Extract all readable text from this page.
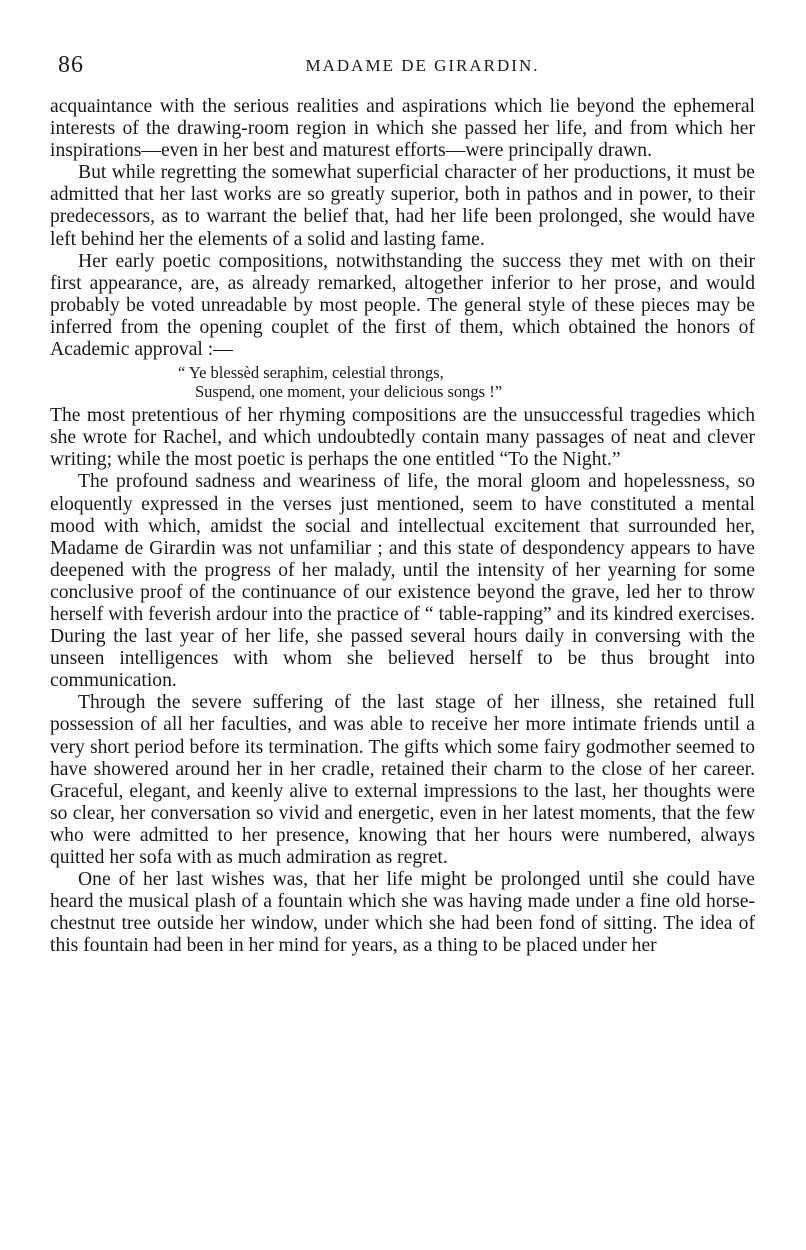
86	MADAME DE GIRARDIN.

acquaintance with the serious realities and aspirations which lie beyond the ephemeral interests of the drawing-room region in which she passed her life, and from which her inspirations—even in her best and maturest efforts—were principally drawn.

But while regretting the somewhat superficial character of her productions, it must be admitted that her last works are so greatly superior, both in pathos and in power, to their predecessors, as to warrant the belief that, had her life been prolonged, she would have left behind her the elements of a solid and lasting fame.

Her early poetic compositions, notwithstanding the success they met with on their first appearance, are, as already remarked, altogether inferior to her prose, and would probably be voted unreadable by most people. The general style of these pieces may be inferred from the opening couplet of the first of them, which obtained the honors of Academic approval :—

“ Ye blessèd seraphim, celestial throngs,
Suspend, one moment, your delicious songs !”

The most pretentious of her rhyming compositions are the unsuccessful tragedies which she wrote for Rachel, and which undoubtedly contain many passages of neat and clever writing; while the most poetic is perhaps the one entitled “To the Night.”

The profound sadness and weariness of life, the moral gloom and hopelessness, so eloquently expressed in the verses just mentioned, seem to have constituted a mental mood with which, amidst the social and intellectual excitement that surrounded her, Madame de Girardin was not unfamiliar ; and this state of despondency appears to have deepened with the progress of her malady, until the intensity of her yearning for some conclusive proof of the continuance of our existence beyond the grave, led her to throw herself with feverish ardour into the practice of “ table-rapping” and its kindred exercises. During the last year of her life, she passed several hours daily in conversing with the unseen intelligences with whom she believed herself to be thus brought into communication.

Through the severe suffering of the last stage of her illness, she retained full possession of all her faculties, and was able to receive her more intimate friends until a very short period before its termination. The gifts which some fairy godmother seemed to have showered around her in her cradle, retained their charm to the close of her career. Graceful, elegant, and keenly alive to external impressions to the last, her thoughts were so clear, her conversation so vivid and energetic, even in her latest moments, that the few who were admitted to her presence, knowing that her hours were numbered, always quitted her sofa with as much admiration as regret.

One of her last wishes was, that her life might be prolonged until she could have heard the musical plash of a fountain which she was having made under a fine old horse-chestnut tree outside her window, under which she had been fond of sitting. The idea of this fountain had been in her mind for years, as a thing to be placed under her
